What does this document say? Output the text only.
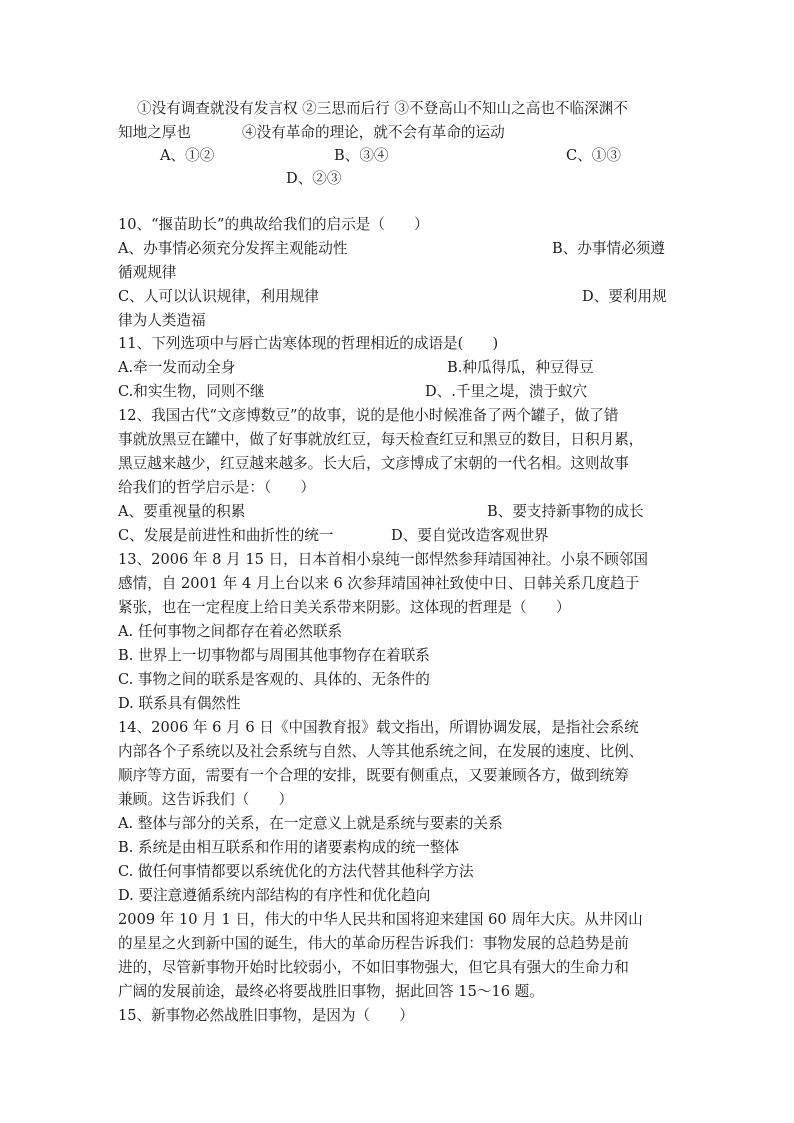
①没有调查就没有发言权 ②三思而后行 ③不登高山不知山之高也不临深渊不
知地之厚也	④没有革命的理论，就不会有革命的运动
A、①②	B、③④	C、①③
D、②③
10、“揠苗助长”的典故给我们的启示是（　　）
A、办事情必须充分发挥主观能动性	B、办事情必须遵
循观规律
C、人可以认识规律，利用规律	D、要利用规
律为人类造福
11、下列选项中与唇亡齿寒体现的哲理相近的成语是(　　)
A.牵一发而动全身	B.种瓜得瓜，种豆得豆
C.和实生物，同则不继	D、.千里之堤，溃于蚁穴
12、我国古代“文彦博数豆”的故事，说的是他小时候准备了两个罐子，做了错
事就放黑豆在罐中，做了好事就放红豆，每天检查红豆和黑豆的数目，日积月累，
黑豆越来越少，红豆越来越多。长大后，文彦博成了宋朝的一代名相。这则故事
给我们的哲学启示是：（　　）
A、要重视量的积累	B、要支持新事物的成长
C、发展是前进性和曲折性的统一	D、要自觉改造客观世界
13、2006 年 8 月 15 日，日本首相小泉纯一郎悍然参拜靖国神社。小泉不顾邻国
感情，自 2001 年 4 月上台以来 6 次参拜靖国神社致使中日、日韩关系几度趋于
紧张，也在一定程度上给日美关系带来阴影。这体现的哲理是（　　）
A. 任何事物之间都存在着必然联系
B. 世界上一切事物都与周围其他事物存在着联系
C. 事物之间的联系是客观的、具体的、无条件的
D. 联系具有偶然性
14、2006 年 6 月 6 日《中国教育报》载文指出，所谓协调发展，是指社会系统
内部各个子系统以及社会系统与自然、人等其他系统之间，在发展的速度、比例、
顺序等方面，需要有一个合理的安排，既要有侧重点，又要兼顾各方，做到统筹
兼顾。这告诉我们（　　）
A. 整体与部分的关系，在一定意义上就是系统与要素的关系
B. 系统是由相互联系和作用的诸要素构成的统一整体
C. 做任何事情都要以系统优化的方法代替其他科学方法
D. 要注意遵循系统内部结构的有序性和优化趋向
2009 年 10 月 1 日，伟大的中华人民共和国将迎来建国 60 周年大庆。从井冈山
的星星之火到新中国的诞生，伟大的革命历程告诉我们：事物发展的总趋势是前
进的，尽管新事物开始时比较弱小，不如旧事物强大，但它具有强大的生命力和
广阔的发展前途，最终必将要战胜旧事物，据此回答 15～16 题。
15、新事物必然战胜旧事物，是因为（　　）
